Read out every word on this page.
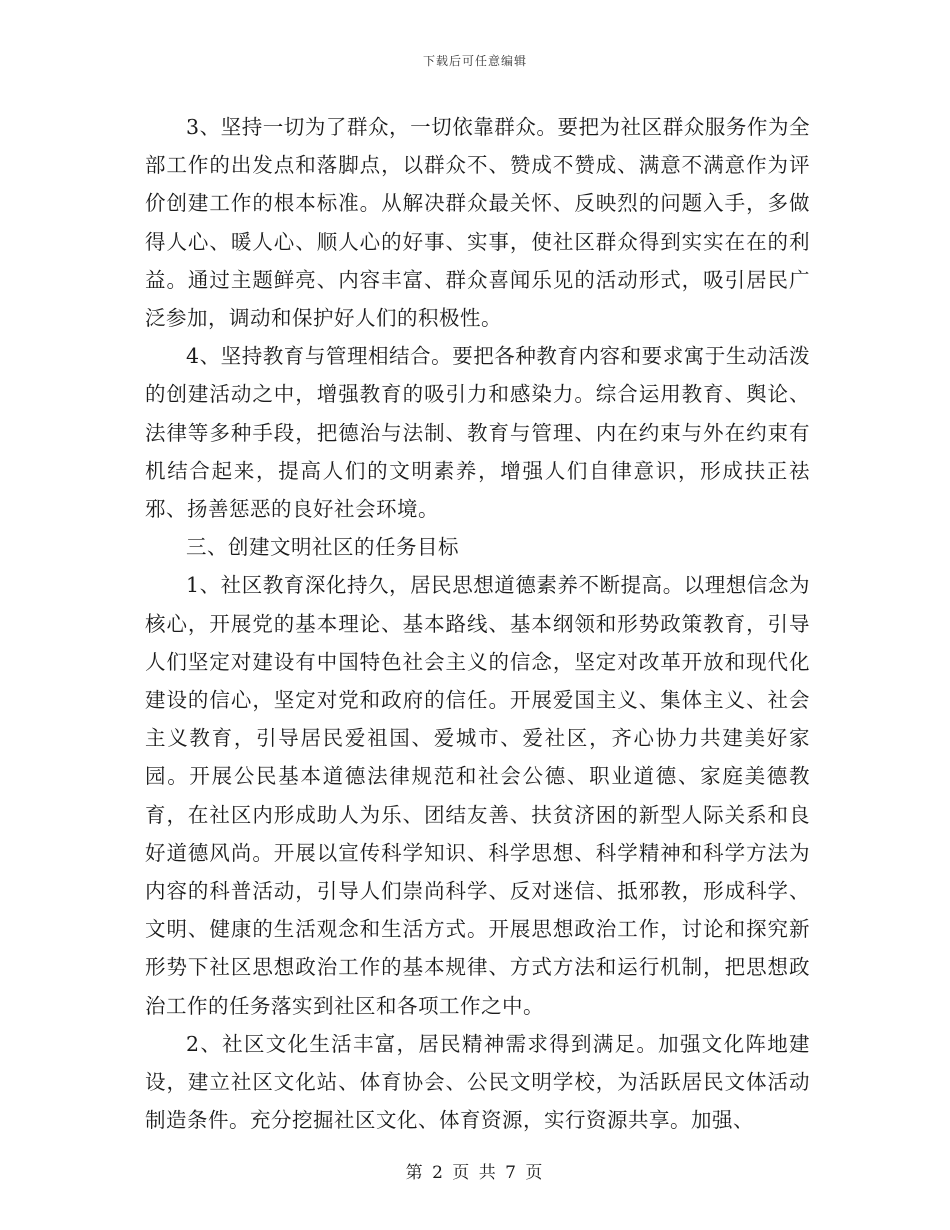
下载后可任意编辑

3、坚持一切为了群众，一切依靠群众。要把为社区群众服务作为全部工作的出发点和落脚点，以群众不、赞成不赞成、满意不满意作为评价创建工作的根本标准。从解决群众最关怀、反映烈的问题入手，多做得人心、暖人心、顺人心的好事、实事，使社区群众得到实实在在的利益。通过主题鲜亮、内容丰富、群众喜闻乐见的活动形式，吸引居民广泛参加，调动和保护好人们的积极性。

4、坚持教育与管理相结合。要把各种教育内容和要求寓于生动活泼的创建活动之中，增强教育的吸引力和感染力。综合运用教育、舆论、法律等多种手段，把德治与法制、教育与管理、内在约束与外在约束有机结合起来，提高人们的文明素养，增强人们自律意识，形成扶正祛邪、扬善惩恶的良好社会环境。

三、创建文明社区的任务目标

1、社区教育深化持久，居民思想道德素养不断提高。以理想信念为核心，开展党的基本理论、基本路线、基本纲领和形势政策教育，引导人们坚定对建设有中国特色社会主义的信念，坚定对改革开放和现代化建设的信心，坚定对党和政府的信任。开展爱国主义、集体主义、社会主义教育，引导居民爱祖国、爱城市、爱社区，齐心协力共建美好家园。开展公民基本道德法律规范和社会公德、职业道德、家庭美德教育，在社区内形成助人为乐、团结友善、扶贫济困的新型人际关系和良好道德风尚。开展以宣传科学知识、科学思想、科学精神和科学方法为内容的科普活动，引导人们崇尚科学、反对迷信、抵邪教，形成科学、文明、健康的生活观念和生活方式。开展思想政治工作，讨论和探究新形势下社区思想政治工作的基本规律、方式方法和运行机制，把思想政治工作的任务落实到社区和各项工作之中。

2、社区文化生活丰富，居民精神需求得到满足。加强文化阵地建设，建立社区文化站、体育协会、公民文明学校，为活跃居民文体活动制造条件。充分挖掘社区文化、体育资源，实行资源共享。加强、

第 2 页 共 7 页
